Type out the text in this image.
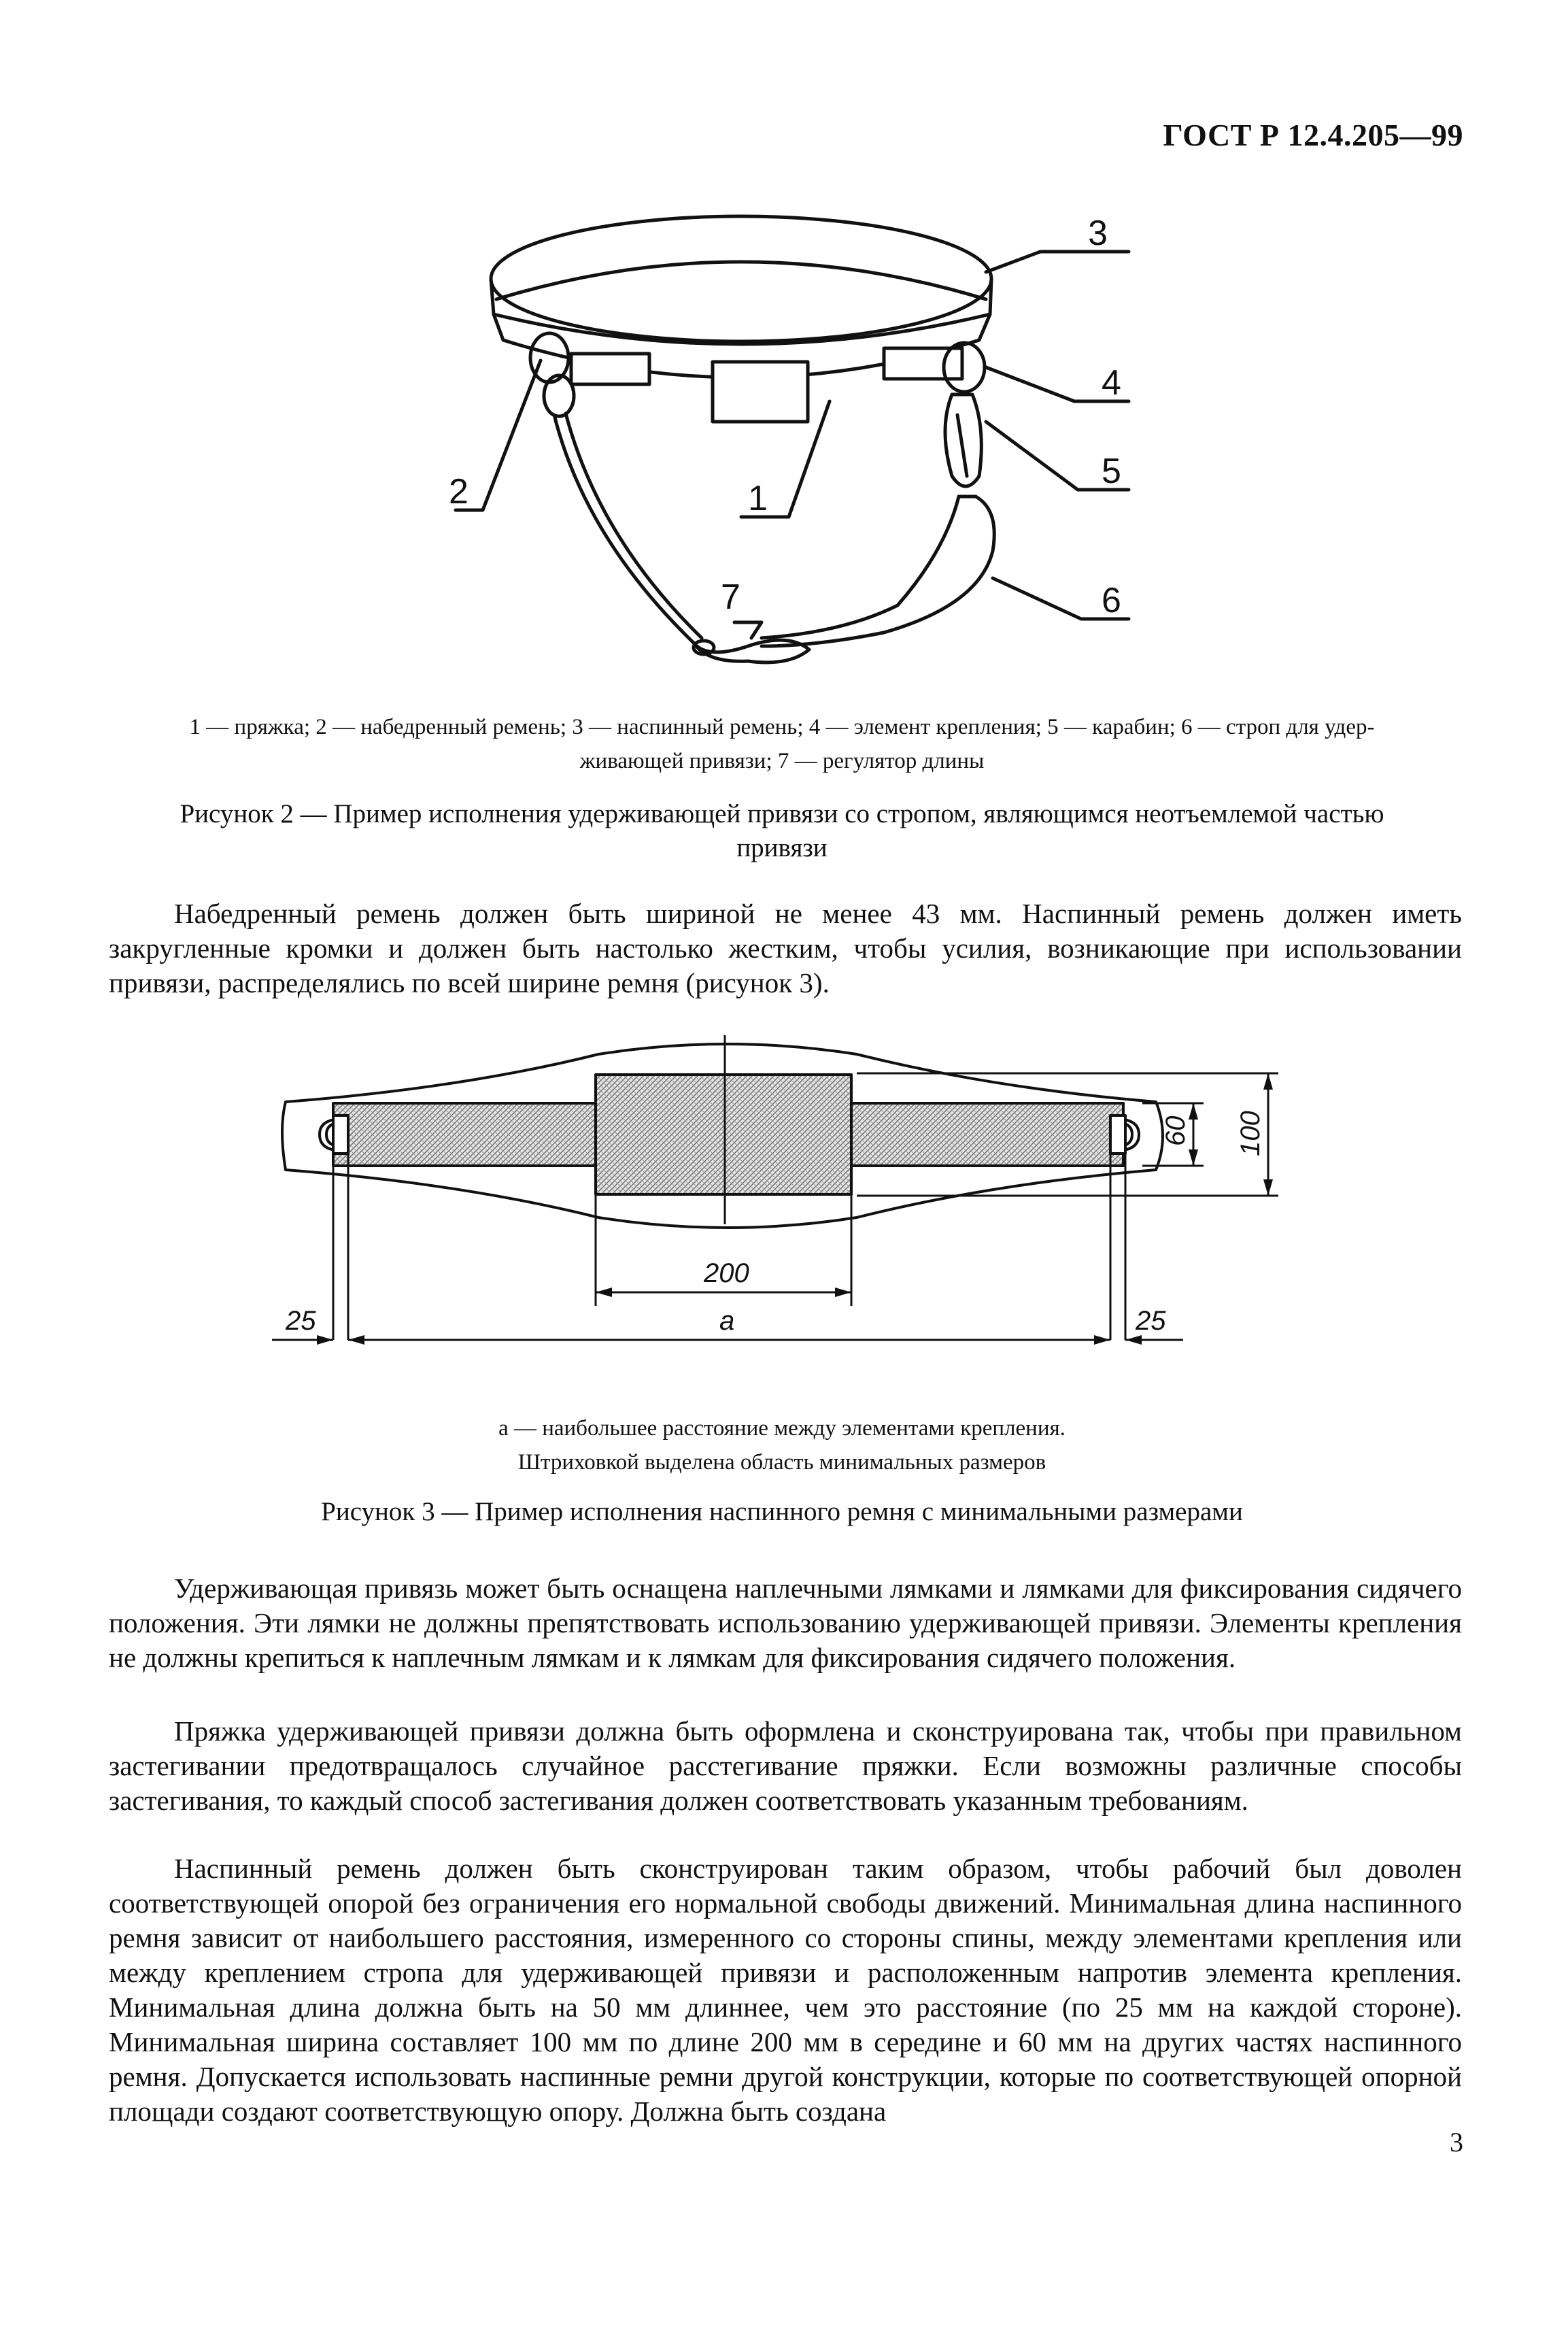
ГОСТ Р 12.4.205—99
3
4
5
6
1
2
7
1 — пряжка; 2 — набедренный ремень; 3 — наспинный ремень; 4 — элемент крепления; 5 — карабин; 6 — строп для удер-
живающей привязи; 7 — регулятор длины
Рисунок 2 — Пример исполнения удерживающей привязи со стропом, являющимся неотъемлемой частью
привязи
Набедренный ремень должен быть шириной не менее 43 мм. Наспинный ремень должен иметь закругленные кромки и должен быть настолько жестким, чтобы усилия, возникающие при использовании привязи, распределялись по всей ширине ремня (рисунок 3).
200
a
25	25
60 100
a — наибольшее расстояние между элементами крепления.
Штриховкой выделена область минимальных размеров
Рисунок 3 — Пример исполнения наспинного ремня с минимальными размерами
Удерживающая привязь может быть оснащена наплечными лямками и лямками для фиксирования сидячего положения. Эти лямки не должны препятствовать использованию удерживающей привязи. Элементы крепления не должны крепиться к наплечным лямкам и к лямкам для фиксирования сидячего положения.
Пряжка удерживающей привязи должна быть оформлена и сконструирована так, чтобы при правильном застегивании предотвращалось случайное расстегивание пряжки. Если возможны различные способы застегивания, то каждый способ застегивания должен соответствовать указанным требованиям.
Наспинный ремень должен быть сконструирован таким образом, чтобы рабочий был доволен соответствующей опорой без ограничения его нормальной свободы движений. Минимальная длина наспинного ремня зависит от наибольшего расстояния, измеренного со стороны спины, между элементами крепления или между креплением стропа для удерживающей привязи и расположенным напротив элемента крепления. Минимальная длина должна быть на 50 мм длиннее, чем это расстояние (по 25 мм на каждой стороне). Минимальная ширина составляет 100 мм по длине 200 мм в середине и 60 мм на других частях наспинного ремня. Допускается использовать наспинные ремни другой конструкции, которые по соответствующей опорной площади создают соответствующую опору. Должна быть создана
3
